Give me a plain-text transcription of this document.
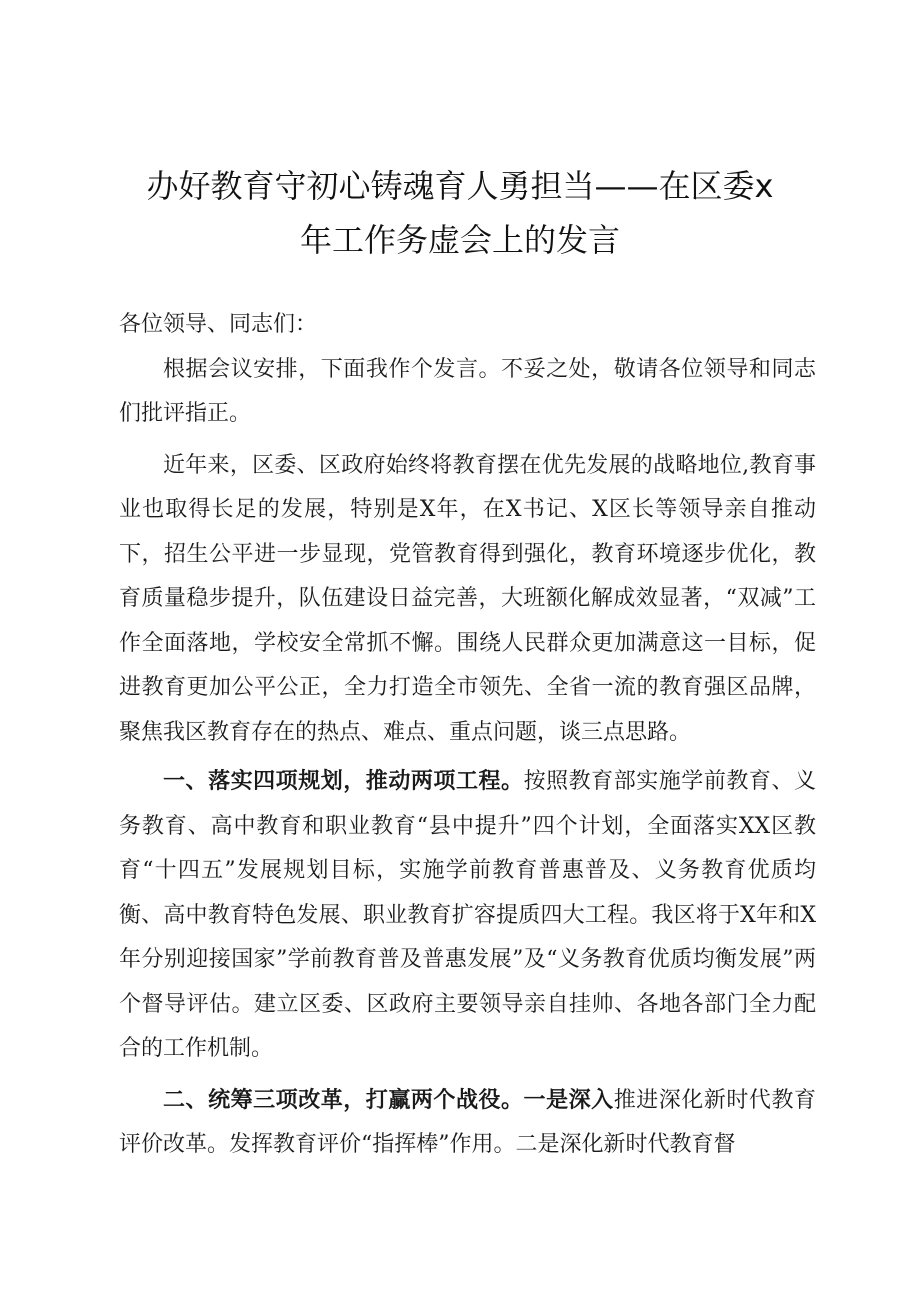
办好教育守初心铸魂育人勇担当——在区委x
年工作务虚会上的发言

各位领导、同志们：

根据会议安排，下面我作个发言。不妥之处，敬请各位领导和同志们批评指正。

近年来，区委、区政府始终将教育摆在优先发展的战略地位,教育事业也取得长足的发展，特别是X年，在X书记、X区长等领导亲自推动下，招生公平进一步显现，党管教育得到强化，教育环境逐步优化，教育质量稳步提升，队伍建设日益完善，大班额化解成效显著，“双减”工作全面落地，学校安全常抓不懈。围绕人民群众更加满意这一目标，促进教育更加公平公正，全力打造全市领先、全省一流的教育强区品牌，聚焦我区教育存在的热点、难点、重点问题，谈三点思路。

一、落实四项规划，推动两项工程。按照教育部实施学前教育、义务教育、高中教育和职业教育“县中提升”四个计划，全面落实XX区教育“十四五”发展规划目标，实施学前教育普惠普及、义务教育优质均衡、高中教育特色发展、职业教育扩容提质四大工程。我区将于X年和X年分别迎接国家”学前教育普及普惠发展”及“义务教育优质均衡发展”两个督导评估。建立区委、区政府主要领导亲自挂帅、各地各部门全力配合的工作机制。

二、统筹三项改革，打赢两个战役。一是深入推进深化新时代教育评价改革。发挥教育评价“指挥棒”作用。二是深化新时代教育督
